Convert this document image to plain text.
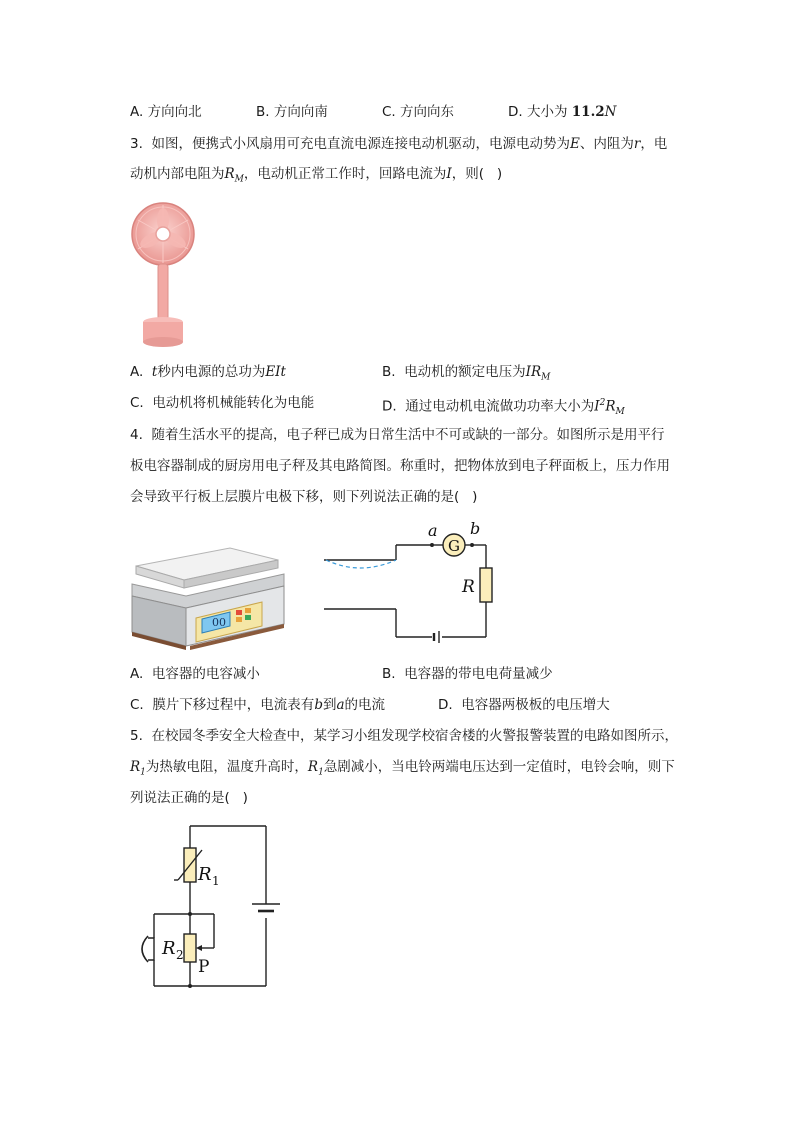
A. 方向向北	B. 方向向南	C. 方向向东	D. 大小为 11.2N
3. 如图，便携式小风扇用可充电直流电源连接电动机驱动，电源电动势为E、内阻为r，电
动机内部电阻为$R_M$，电动机正常工作时，回路电流为I，则(   )
A. t秒内电源的总功为EIt	B. 电动机的额定电压为$IR_M$
C. 电动机将机械能转化为电能	D. 通过电动机电流做功功率大小为$I^2R_M$
4. 随着生活水平的提高，电子秤已成为日常生活中不可或缺的一部分。如图所示是用平行
板电容器制成的厨房用电子秤及其电路简图。称重时，把物体放到电子秤面板上，压力作用
会导致平行板上层膜片电极下移，则下列说法正确的是(   )
00
G
a b
R
A. 电容器的电容减小	B. 电容器的带电电荷量减少
C. 膜片下移过程中，电流表有b到a的电流	D. 电容器两极板的电压增大
5. 在校园冬季安全大检查中，某学习小组发现学校宿舍楼的火警报警装置的电路如图所示，
$R_1$为热敏电阻，温度升高时，$R_1$急剧减小，当电铃两端电压达到一定值时，电铃会响，则下
列说法正确的是(   )
R 1
R 2
P
